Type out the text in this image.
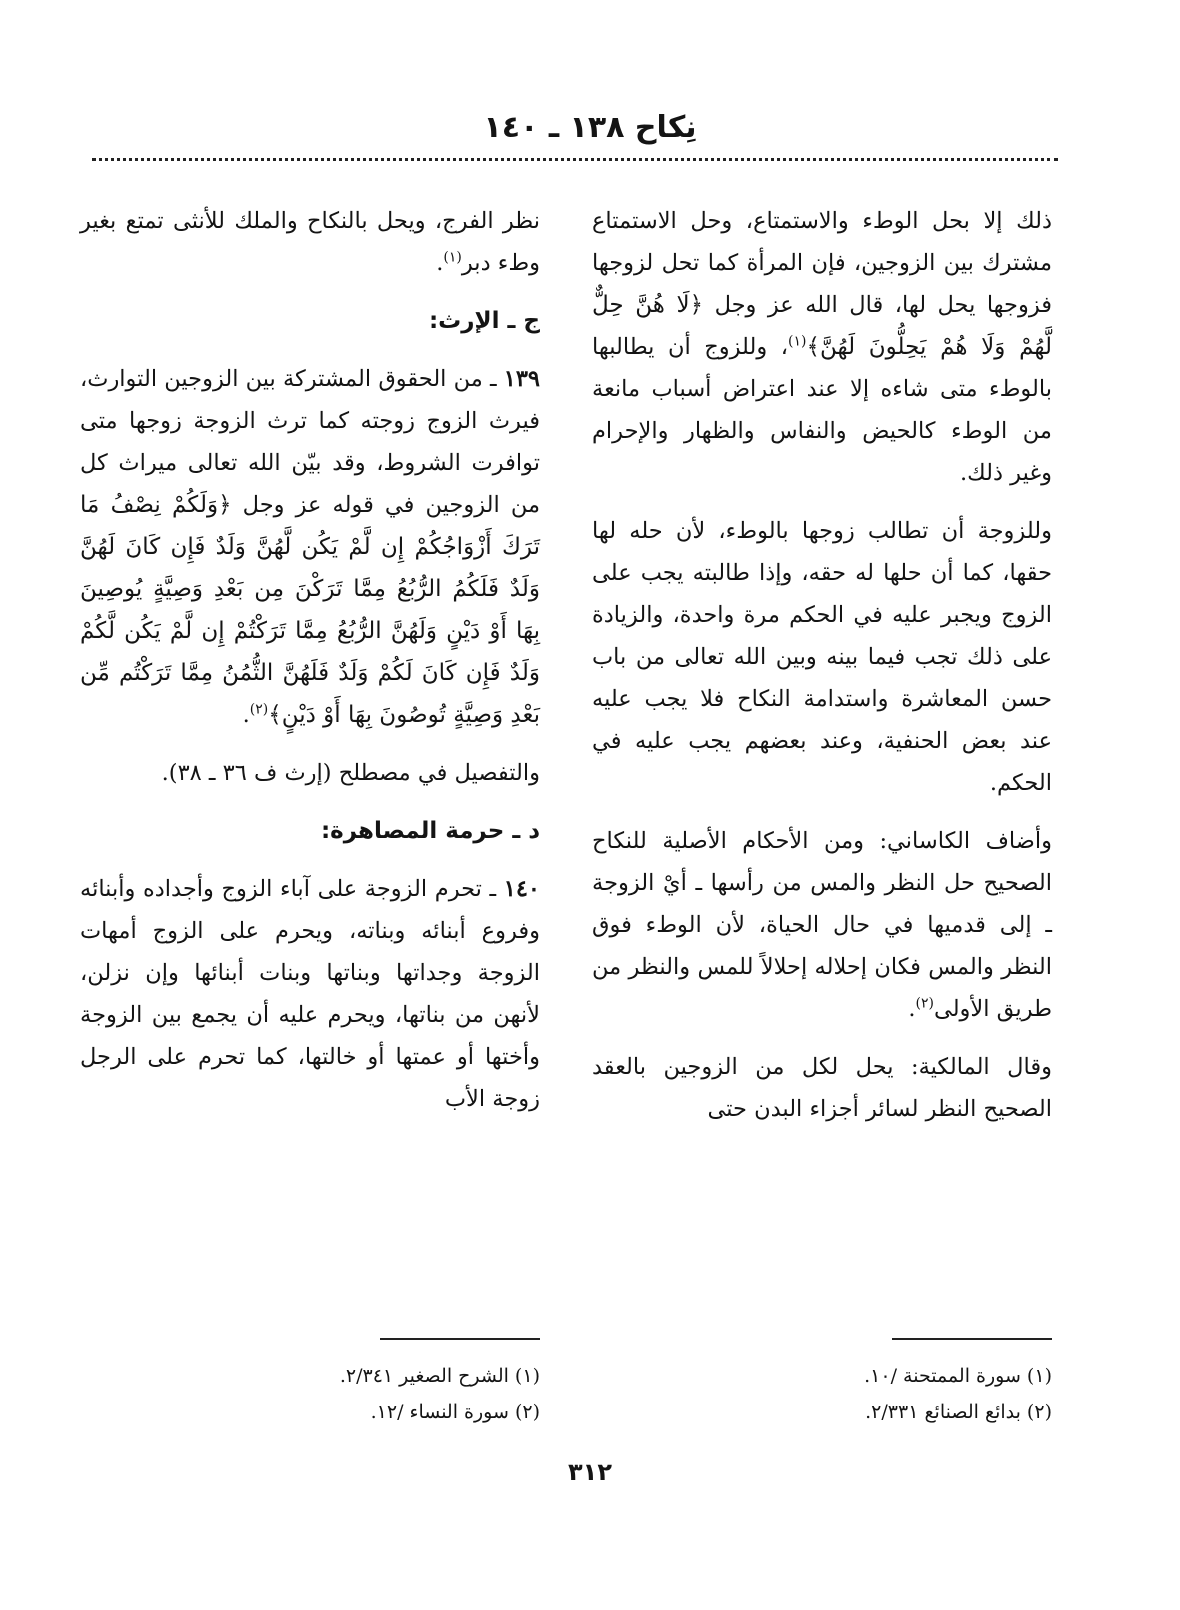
نِكاح ١٣٨ ـ ١٤٠

ذلك إلا بحل الوطء والاستمتاع، وحل الاستمتاع مشترك بين الزوجين، فإن المرأة كما تحل لزوجها فزوجها يحل لها، قال الله عز وجل ﴿لَا هُنَّ حِلٌّ لَّهُمْ وَلَا هُمْ يَحِلُّونَ لَهُنَّ﴾$^{(١)}$، وللزوج أن يطالبها بالوطء متى شاءه إلا عند اعتراض أسباب مانعة من الوطء كالحيض والنفاس والظهار والإحرام وغير ذلك.

وللزوجة أن تطالب زوجها بالوطء، لأن حله لها حقها، كما أن حلها له حقه، وإذا طالبته يجب على الزوج ويجبر عليه في الحكم مرة واحدة، والزيادة على ذلك تجب فيما بينه وبين الله تعالى من باب حسن المعاشرة واستدامة النكاح فلا يجب عليه عند بعض الحنفية، وعند بعضهم يجب عليه في الحكم.

وأضاف الكاساني: ومن الأحكام الأصلية للنكاح الصحيح حل النظر والمس من رأسها ـ أيْ الزوجة ـ إلى قدميها في حال الحياة، لأن الوطء فوق النظر والمس فكان إحلاله إحلالاً للمس والنظر من طريق الأولى$^{(٢)}$.

وقال المالكية: يحل لكل من الزوجين بالعقد الصحيح النظر لسائر أجزاء البدن حتى

نظر الفرج، ويحل بالنكاح والملك للأنثى تمتع بغير وطء دبر$^{(١)}$.

ج ـ الإرث:

١٣٩ ـ من الحقوق المشتركة بين الزوجين التوارث، فيرث الزوج زوجته كما ترث الزوجة زوجها متى توافرت الشروط، وقد بيّن الله تعالى ميراث كل من الزوجين في قوله عز وجل ﴿وَلَكُمْ نِصْفُ مَا تَرَكَ أَزْوَاجُكُمْ إِن لَّمْ يَكُن لَّهُنَّ وَلَدٌ فَإِن كَانَ لَهُنَّ وَلَدٌ فَلَكُمُ الرُّبُعُ مِمَّا تَرَكْنَ مِن بَعْدِ وَصِيَّةٍ يُوصِينَ بِهَا أَوْ دَيْنٍ وَلَهُنَّ الرُّبُعُ مِمَّا تَرَكْتُمْ إِن لَّمْ يَكُن لَّكُمْ وَلَدٌ فَإِن كَانَ لَكُمْ وَلَدٌ فَلَهُنَّ الثُّمُنُ مِمَّا تَرَكْتُم مِّن بَعْدِ وَصِيَّةٍ تُوصُونَ بِهَا أَوْ دَيْنٍ﴾$^{(٢)}$.

والتفصيل في مصطلح (إرث ف ٣٦ ـ ٣٨).

د ـ حرمة المصاهرة:

١٤٠ ـ تحرم الزوجة على آباء الزوج وأجداده وأبنائه وفروع أبنائه وبناته، ويحرم على الزوج أمهات الزوجة وجداتها وبناتها وبنات أبنائها وإن نزلن، لأنهن من بناتها، ويحرم عليه أن يجمع بين الزوجة وأختها أو عمتها أو خالتها، كما تحرم على الرجل زوجة الأب

(١) سورة الممتحنة /١٠.
(٢) بدائع الصنائع ٢/٣٣١.
(١) الشرح الصغير ٢/٣٤١.
(٢) سورة النساء /١٢.
٣١٢
